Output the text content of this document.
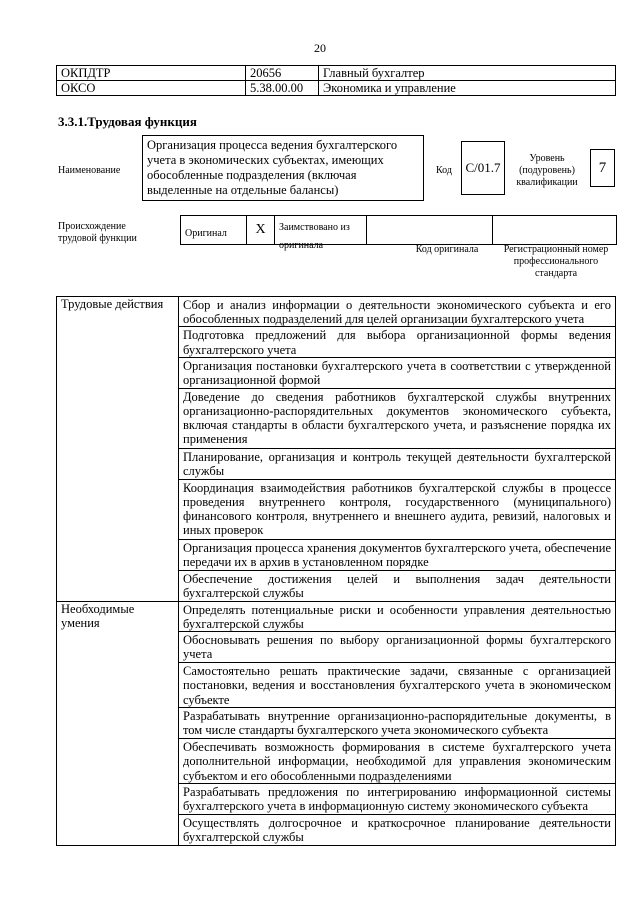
20
ОКПДТР	20656	Главный бухгалтер
ОКСО	5.38.00.00	Экономика и управление
3.3.1.Трудовая функция
Наименование
Организация процесса ведения бухгалтерского учета в экономических субъектах, имеющих обособленные подразделения (включая выделенные на отдельные балансы)
Код	C/01.7
Уровень (подуровень) квалификации
7
Происхождение трудовой функции	Оригинал	X	Заимствовано из оригинала	Код оригинала	Регистрационный номер профессионального стандарта
Трудовые действия	Сбор и анализ информации о деятельности экономического субъекта и его обособленных подразделений для целей организации бухгалтерского учета
	Подготовка предложений для выбора организационной формы ведения бухгалтерского учета
	Организация постановки бухгалтерского учета в соответствии с утвержденной организационной формой
	Доведение до сведения работников бухгалтерской службы внутренних организационно-распорядительных документов экономического субъекта, включая стандарты в области бухгалтерского учета, и разъяснение порядка их применения
	Планирование, организация и контроль текущей деятельности бухгалтерской службы
	Координация взаимодействия работников бухгалтерской службы в процессе проведения внутреннего контроля, государственного (муниципального) финансового контроля, внутреннего и внешнего аудита, ревизий, налоговых и иных проверок
	Организация процесса хранения документов бухгалтерского учета, обеспечение передачи их в архив в установленном порядке
	Обеспечение достижения целей и выполнения задач деятельности бухгалтерской службы
Необходимые умения	Определять потенциальные риски и особенности управления деятельностью бухгалтерской службы
	Обосновывать решения по выбору организационной формы бухгалтерского учета
	Самостоятельно решать практические задачи, связанные с организацией постановки, ведения и восстановления бухгалтерского учета в экономическом субъекте
	Разрабатывать внутренние организационно-распорядительные документы, в том числе стандарты бухгалтерского учета экономического субъекта
	Обеспечивать возможность формирования в системе бухгалтерского учета дополнительной информации, необходимой для управления экономическим субъектом и его обособленными подразделениями
	Разрабатывать предложения по интегрированию информационной системы бухгалтерского учета в информационную систему экономического субъекта
	Осуществлять долгосрочное и краткосрочное планирование деятельности бухгалтерской службы
